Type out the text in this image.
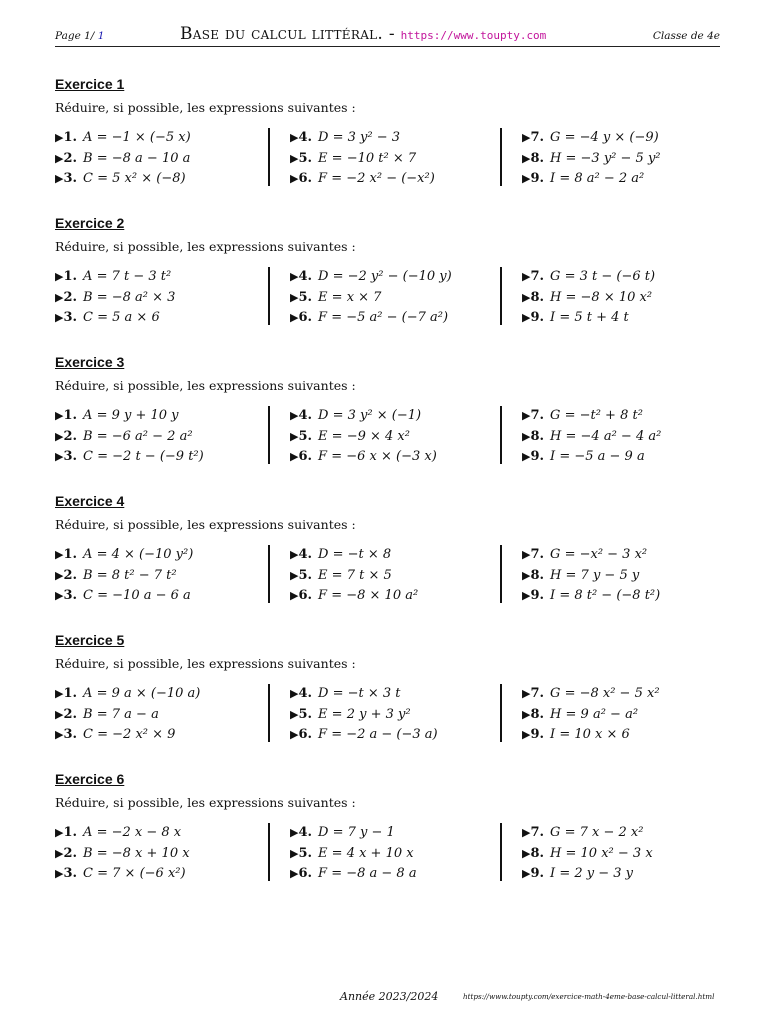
Page 1/ 1	Base du calcul littéral. - https://www.toupty.com	Classe de 4e
Exercice 1
Réduire, si possible, les expressions suivantes :
▶1. A = −1 × (−5 x)
▶2. B = −8 a − 10 a
▶3. C = 5 x² × (−8)
▶4. D = 3 y² − 3
▶5. E = −10 t² × 7
▶6. F = −2 x² − (−x²)
▶7. G = −4 y × (−9)
▶8. H = −3 y² − 5 y²
▶9. I = 8 a² − 2 a²
Exercice 2
Réduire, si possible, les expressions suivantes :
▶1. A = 7 t − 3 t²
▶2. B = −8 a² × 3
▶3. C = 5 a × 6
▶4. D = −2 y² − (−10 y)
▶5. E = x × 7
▶6. F = −5 a² − (−7 a²)
▶7. G = 3 t − (−6 t)
▶8. H = −8 × 10 x²
▶9. I = 5 t + 4 t
Exercice 3
Réduire, si possible, les expressions suivantes :
▶1. A = 9 y + 10 y
▶2. B = −6 a² − 2 a²
▶3. C = −2 t − (−9 t²)
▶4. D = 3 y² × (−1)
▶5. E = −9 × 4 x²
▶6. F = −6 x × (−3 x)
▶7. G = −t² + 8 t²
▶8. H = −4 a² − 4 a²
▶9. I = −5 a − 9 a
Exercice 4
Réduire, si possible, les expressions suivantes :
▶1. A = 4 × (−10 y²)
▶2. B = 8 t² − 7 t²
▶3. C = −10 a − 6 a
▶4. D = −t × 8
▶5. E = 7 t × 5
▶6. F = −8 × 10 a²
▶7. G = −x² − 3 x²
▶8. H = 7 y − 5 y
▶9. I = 8 t² − (−8 t²)
Exercice 5
Réduire, si possible, les expressions suivantes :
▶1. A = 9 a × (−10 a)
▶2. B = 7 a − a
▶3. C = −2 x² × 9
▶4. D = −t × 3 t
▶5. E = 2 y + 3 y²
▶6. F = −2 a − (−3 a)
▶7. G = −8 x² − 5 x²
▶8. H = 9 a² − a²
▶9. I = 10 x × 6
Exercice 6
Réduire, si possible, les expressions suivantes :
▶1. A = −2 x − 8 x
▶2. B = −8 x + 10 x
▶3. C = 7 × (−6 x²)
▶4. D = 7 y − 1
▶5. E = 4 x + 10 x
▶6. F = −8 a − 8 a
▶7. G = 7 x − 2 x²
▶8. H = 10 x² − 3 x
▶9. I = 2 y − 3 y
Année 2023/2024	https://www.toupty.com/exercice-math-4eme-base-calcul-litteral.html
